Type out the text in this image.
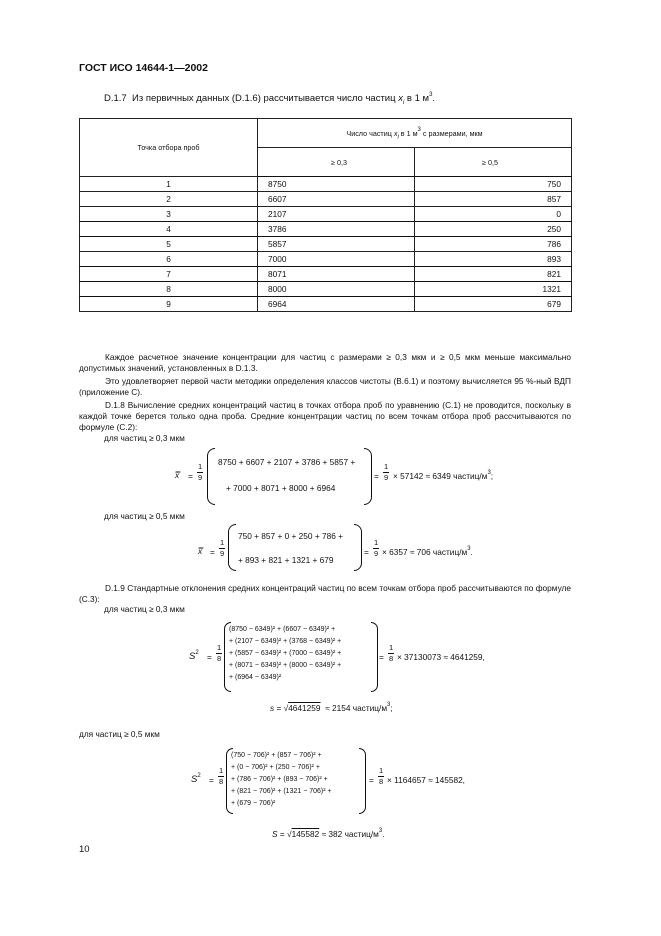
ГОСТ ИСО 14644-1—2002
D.1.7 Из первичных данных (D.1.6) рассчитывается число частиц $x_i$ в 1 $м^3$.
Точка отбора проб	Число частиц $x_i$ в 1 $м^3$ с размерами, мкм	
	≥ 0,3	≥ 0,5
1	8750	750
2	6607	857
3	2107	0
4	3786	250
5	5857	786
6	7000	893
7	8071	821
8	8000	1321
9	6964	679
Каждое расчетное значение концентрации для частиц с размерами ≥ 0,3 мкм и ≥ 0,5 мкм меньше максимально допустимых значений, установленных в D.1.3.
Это удовлетворяет первой части методики определения классов чистоты (В.6.1) и поэтому вычисляется 95 %-ный ВДП (приложение С).
D.1.8 Вычисление средних концентраций частиц в точках отбора проб по уравнению (С.1) не проводится, поскольку в каждой точке берется только одна проба. Средние концентрации частиц по всем точкам отбора проб рассчитываются по формуле (С.2):
для частиц ≥ 0,3 мкм
x̿ = $\frac{1}{9}$
8750 + 6607 + 2107 + 3786 + 5857 +
+ 7000 + 8071 + 8000 + 6964
= $\frac{1}{9} \times 57142 \approx 6349$ частиц/$м^3$;
для частиц ≥ 0,5 мкм
x̿ = $\frac{1}{9}$
750 + 857 + 0 + 250 + 786 +
+ 893 + 821 + 1321 + 679
= $\frac{1}{9} \times 6357 \approx 706$ частиц/$м^3$.
D.1.9 Стандартные отклонения средних концентраций частиц по всем точкам отбора проб рассчитываются по формуле (С.3):
для частиц ≥ 0,3 мкм
$S^2 = \frac{1}{8}$
(8750 − 6349)² + (6607 − 6349)² +
+ (2107 − 6349)² + (3768 − 6349)² +
+ (5857 − 6349)² + (7000 − 6349)² +
+ (8071 − 6349)² + (8000 − 6349)² +
+ (6964 − 6349)²
= $\frac{1}{8} \times 37130073 \approx 4641259$,
s = √4641259 ≈ 2154 частиц/$м^3$;
для частиц ≥ 0,5 мкм
$S^2 = \frac{1}{8}$
(750 − 706)² + (857 − 706)² +
+ (0 − 706)² + (250 − 706)² +
+ (786 − 706)² + (893 − 706)² +
+ (821 − 706)² + (1321 − 706)² +
+ (679 − 706)²
= $\frac{1}{8} \times 1164657 \approx 145582$,
S = √145582 ≈ 382 частиц/$м^3$.
10
